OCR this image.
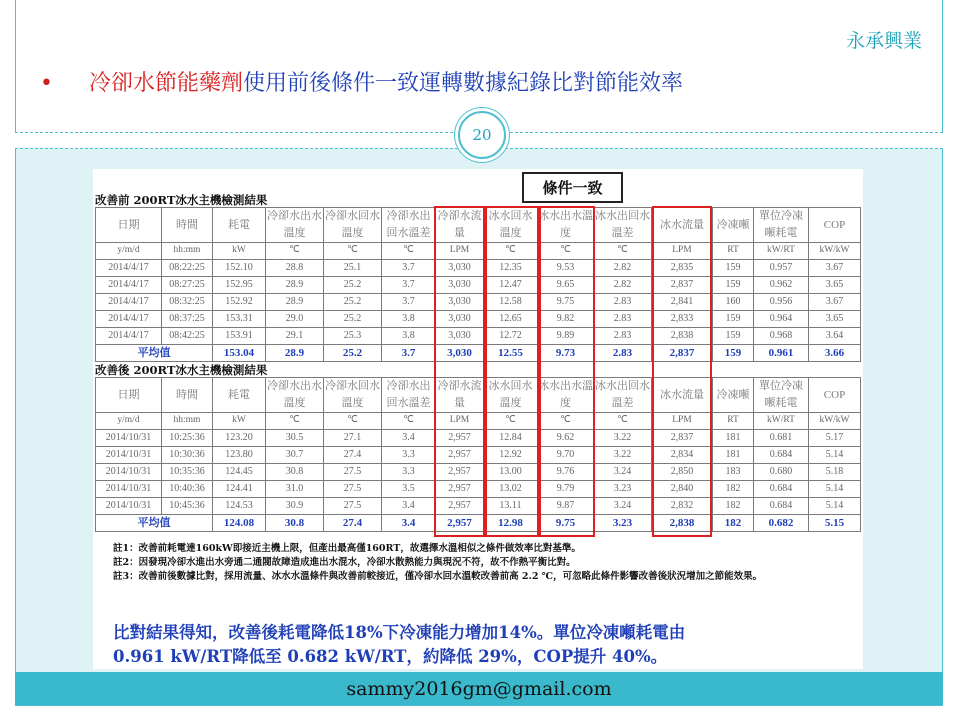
永承興業
• 冷卻水節能藥劑使用前後條件一致運轉數據紀錄比對節能效率
20
條件一致
改善前 200RT冰水主機檢測結果
日期	時間	耗電	冷卻水出水溫度	冷卻水回水溫度	冷卻水出回水溫差	冷卻水流量	冰水回水溫度	冰水出水溫度	冰水出回水溫差	冰水流量	冷凍噸	單位冷凍噸耗電	COP
y/m/d	hh:mm	kW	℃	℃	℃	LPM	℃	℃	℃	LPM	RT	kW/RT	kW/kW
2014/4/17	08:22:25	152.10	28.8	25.1	3.7	3,030	12.35	9.53	2.82	2,835	159	0.957	3.67
2014/4/17	08:27:25	152.95	28.9	25.2	3.7	3,030	12.47	9.65	2.82	2,837	159	0.962	3.65
2014/4/17	08:32:25	152.92	28.9	25.2	3.7	3,030	12.58	9.75	2.83	2,841	160	0.956	3.67
2014/4/17	08:37:25	153.31	29.0	25.2	3.8	3,030	12.65	9.82	2.83	2,833	159	0.964	3.65
2014/4/17	08:42:25	153.91	29.1	25.3	3.8	3,030	12.72	9.89	2.83	2,838	159	0.968	3.64
平均值		153.04	28.9	25.2	3.7	3,030	12.55	9.73	2.83	2,837	159	0.961	3.66
改善後 200RT冰水主機檢測結果
日期	時間	耗電	冷卻水出水溫度	冷卻水回水溫度	冷卻水出回水溫差	冷卻水流量	冰水回水溫度	冰水出水溫度	冰水出回水溫差	冰水流量	冷凍噸	單位冷凍噸耗電	COP
y/m/d	hh:mm	kW	℃	℃	℃	LPM	℃	℃	℃	LPM	RT	kW/RT	kW/kW
2014/10/31	10:25:36	123.20	30.5	27.1	3.4	2,957	12.84	9.62	3.22	2,837	181	0.681	5.17
2014/10/31	10:30:36	123.80	30.7	27.4	3.3	2,957	12.92	9.70	3.22	2,834	181	0.684	5.14
2014/10/31	10:35:36	124.45	30.8	27.5	3.3	2,957	13.00	9.76	3.24	2,850	183	0.680	5.18
2014/10/31	10:40:36	124.41	31.0	27.5	3.5	2,957	13.02	9.79	3.23	2,840	182	0.684	5.14
2014/10/31	10:45:36	124.53	30.9	27.5	3.4	2,957	13.11	9.87	3.24	2,832	182	0.684	5.14
平均值		124.08	30.8	27.4	3.4	2,957	12.98	9.75	3.23	2,838	182	0.682	5.15

註1：改善前耗電達160kW即接近主機上限，但產出最高僅160RT，故選擇水溫相似之條件做效率比對基準。

註2：因發現冷卻水進出水旁通二通閥故障造成進出水混水，冷卻水散熱能力與現況不符，故不作熱平衡比對。

註3：改善前後數據比對，採用流量、冰水水溫條件與改善前較接近，僅冷卻水回水溫較改善前高 2.2 ℃，可忽略此條件影響改善後狀況增加之節能效果。

比對結果得知，改善後耗電降低18%下冷凍能力增加14%。單位冷凍噸耗電由

0.961 kW/RT降低至 0.682 kW/RT，約降低 29%，COP提升 40%。

sammy2016gm@gmail.com
